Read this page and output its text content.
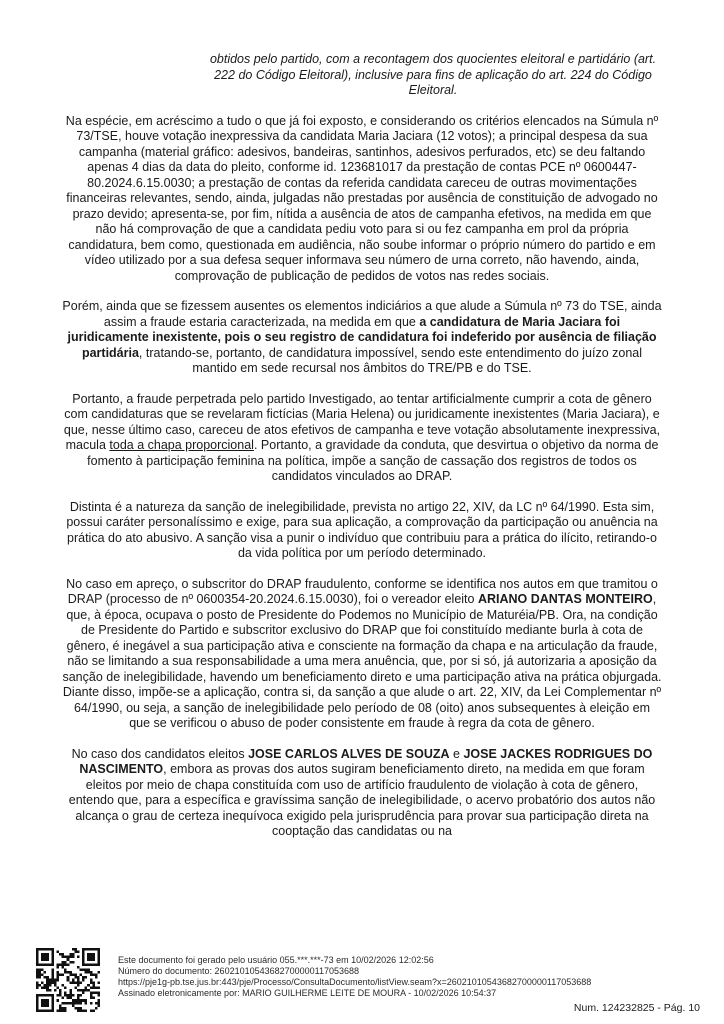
obtidos pelo partido, com a recontagem dos quocientes eleitoral e partidário (art. 222 do Código Eleitoral), inclusive para fins de aplicação do art. 224 do Código Eleitoral.

Na espécie, em acréscimo a tudo o que já foi exposto, e considerando os critérios elencados na Súmula nº 73/TSE, houve votação inexpressiva da candidata Maria Jaciara (12 votos); a principal despesa da sua campanha (material gráfico: adesivos, bandeiras, santinhos, adesivos perfurados, etc) se deu faltando apenas 4 dias da data do pleito, conforme id. 123681017 da prestação de contas PCE nº 0600447-80.2024.6.15.0030; a prestação de contas da referida candidata careceu de outras movimentações financeiras relevantes, sendo, ainda, julgadas não prestadas por ausência de constituição de advogado no prazo devido; apresenta-se, por fim, nítida a ausência de atos de campanha efetivos, na medida em que não há comprovação de que a candidata pediu voto para si ou fez campanha em prol da própria candidatura, bem como, questionada em audiência, não soube informar o próprio número do partido e em vídeo utilizado por a sua defesa sequer informava seu número de urna correto, não havendo, ainda, comprovação de publicação de pedidos de votos nas redes sociais.

Porém, ainda que se fizessem ausentes os elementos indiciários a que alude a Súmula nº 73 do TSE, ainda assim a fraude estaria caracterizada, na medida em que a candidatura de Maria Jaciara foi juridicamente inexistente, pois o seu registro de candidatura foi indeferido por ausência de filiação partidária, tratando-se, portanto, de candidatura impossível, sendo este entendimento do juízo zonal mantido em sede recursal nos âmbitos do TRE/PB e do TSE.

Portanto, a fraude perpetrada pelo partido Investigado, ao tentar artificialmente cumprir a cota de gênero com candidaturas que se revelaram fictícias (Maria Helena) ou juridicamente inexistentes (Maria Jaciara), e que, nesse último caso, careceu de atos efetivos de campanha e teve votação absolutamente inexpressiva, macula toda a chapa proporcional. Portanto, a gravidade da conduta, que desvirtua o objetivo da norma de fomento à participação feminina na política, impõe a sanção de cassação dos registros de todos os candidatos vinculados ao DRAP.

Distinta é a natureza da sanção de inelegibilidade, prevista no artigo 22, XIV, da LC nº 64/1990. Esta sim, possui caráter personalíssimo e exige, para sua aplicação, a comprovação da participação ou anuência na prática do ato abusivo. A sanção visa a punir o indivíduo que contribuiu para a prática do ilícito, retirando-o da vida política por um período determinado.

No caso em apreço, o subscritor do DRAP fraudulento, conforme se identifica nos autos em que tramitou o DRAP (processo de nº 0600354-20.2024.6.15.0030), foi o vereador eleito ARIANO DANTAS MONTEIRO, que, à época, ocupava o posto de Presidente do Podemos no Município de Maturéia/PB. Ora, na condição de Presidente do Partido e subscritor exclusivo do DRAP que foi constituído mediante burla à cota de gênero, é inegável a sua participação ativa e consciente na formação da chapa e na articulação da fraude, não se limitando a sua responsabilidade a uma mera anuência, que, por si só, já autorizaria a aposição da sanção de inelegibilidade, havendo um beneficiamento direto e uma participação ativa na prática objurgada. Diante disso, impõe-se a aplicação, contra si, da sanção a que alude o art. 22, XIV, da Lei Complementar nº 64/1990, ou seja, a sanção de inelegibilidade pelo período de 08 (oito) anos subsequentes à eleição em que se verificou o abuso de poder consistente em fraude à regra da cota de gênero.

No caso dos candidatos eleitos JOSE CARLOS ALVES DE SOUZA e JOSE JACKES RODRIGUES DO NASCIMENTO, embora as provas dos autos sugiram beneficiamento direto, na medida em que foram eleitos por meio de chapa constituída com uso de artifício fraudulento de violação à cota de gênero, entendo que, para a específica e gravíssima sanção de inelegibilidade, o acervo probatório dos autos não alcança o grau de certeza inequívoca exigido pela jurisprudência para provar sua participação direta na cooptação das candidatas ou na

Este documento foi gerado pelo usuário 055.***.***-73 em 10/02/2026 12:02:56
Número do documento: 26021010543682700000117053688
https://pje1g-pb.tse.jus.br:443/pje/Processo/ConsultaDocumento/listView.seam?x=26021010543682700000117053688
Assinado eletronicamente por: MARIO GUILHERME LEITE DE MOURA - 10/02/2026 10:54:37
Num. 124232825 - Pág. 10
